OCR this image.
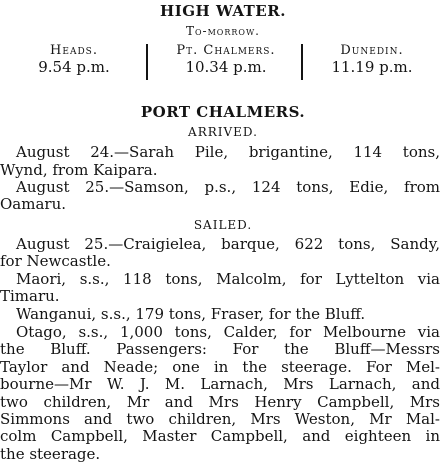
HIGH WATER.
To-morrow.
Heads.
9.54 p.m.
Pt. Chalmers.
10.34 p.m.
Dunedin.
11.19 p.m.
PORT CHALMERS.
ARRIVED.
August 24.—Sarah Pile, brigantine, 114 tons,
Wynd, from Kaipara.
August 25.—Samson, p.s., 124 tons, Edie, from
Oamaru.
SAILED.
August 25.—Craigielea, barque, 622 tons, Sandy,
for Newcastle.
Maori, s.s., 118 tons, Malcolm, for Lyttelton via
Timaru.
Wanganui, s.s., 179 tons, Fraser, for the Bluff.
Otago, s.s., 1,000 tons, Calder, for Melbourne via
the Bluff. Passengers: For the Bluff—Messrs
Taylor and Neade; one in the steerage. For Mel-
bourne—Mr W. J. M. Larnach, Mrs Larnach, and
two children, Mr and Mrs Henry Campbell, Mrs
Simmons and two children, Mrs Weston, Mr Mal-
colm Campbell, Master Campbell, and eighteen in
the steerage.
